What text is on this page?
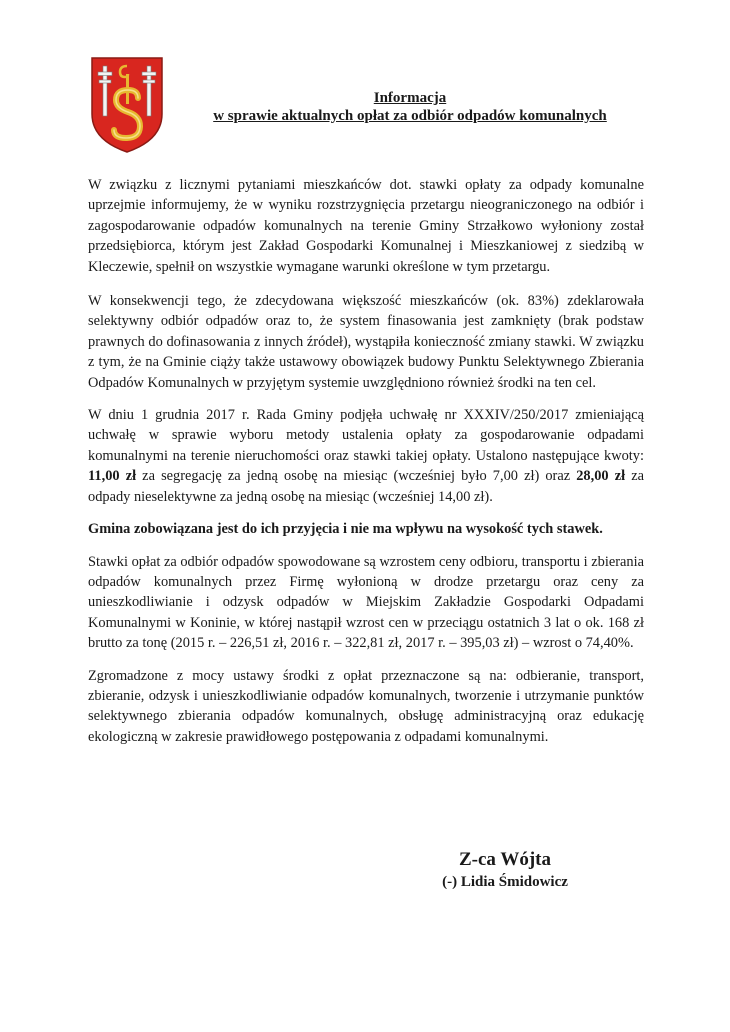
Informacja
w sprawie aktualnych opłat za odbiór odpadów komunalnych

W związku z licznymi pytaniami mieszkańców dot. stawki opłaty za odpady komunalne uprzejmie informujemy, że w wyniku rozstrzygnięcia przetargu nieograniczonego na odbiór i zagospodarowanie odpadów komunalnych na terenie Gminy Strzałkowo wyłoniony został przedsiębiorca, którym jest Zakład Gospodarki Komunalnej i Mieszkaniowej z siedzibą w Kleczewie, spełnił on wszystkie wymagane warunki określone w tym przetargu.

W konsekwencji tego, że zdecydowana większość mieszkańców (ok. 83%) zdeklarowała selektywny odbiór odpadów oraz to, że system finasowania jest zamknięty (brak podstaw prawnych do dofinasowania z innych źródeł), wystąpiła konieczność zmiany stawki. W związku z tym, że na Gminie ciąży także ustawowy obowiązek budowy Punktu Selektywnego Zbierania Odpadów Komunalnych w przyjętym systemie uwzględniono również środki na ten cel.

W dniu 1 grudnia 2017 r. Rada Gminy podjęła uchwałę nr XXXIV/250/2017 zmieniającą uchwałę w sprawie wyboru metody ustalenia opłaty za gospodarowanie odpadami komunalnymi na terenie nieruchomości oraz stawki takiej opłaty. Ustalono następujące kwoty: 11,00 zł za segregację za jedną osobę na miesiąc (wcześniej było 7,00 zł) oraz 28,00 zł za odpady nieselektywne za jedną osobę na miesiąc (wcześniej 14,00 zł).

Gmina zobowiązana jest do ich przyjęcia i nie ma wpływu na wysokość tych stawek.

Stawki opłat za odbiór odpadów spowodowane są wzrostem ceny odbioru, transportu i zbierania odpadów komunalnych przez Firmę wyłonioną w drodze przetargu oraz ceny za unieszkodliwianie i odzysk odpadów w Miejskim Zakładzie Gospodarki Odpadami Komunalnymi w Koninie, w której nastąpił wzrost cen w przeciągu ostatnich 3 lat o ok. 168 zł brutto za tonę (2015 r. – 226,51 zł, 2016 r. – 322,81 zł, 2017 r. – 395,03 zł) – wzrost o 74,40%.

Zgromadzone z mocy ustawy środki z opłat przeznaczone są na: odbieranie, transport, zbieranie, odzysk i unieszkodliwianie odpadów komunalnych, tworzenie i utrzymanie punktów selektywnego zbierania odpadów komunalnych, obsługę administracyjną oraz edukację ekologiczną w zakresie prawidłowego postępowania z odpadami komunalnymi.

Z-ca Wójta
(-) Lidia Śmidowicz
